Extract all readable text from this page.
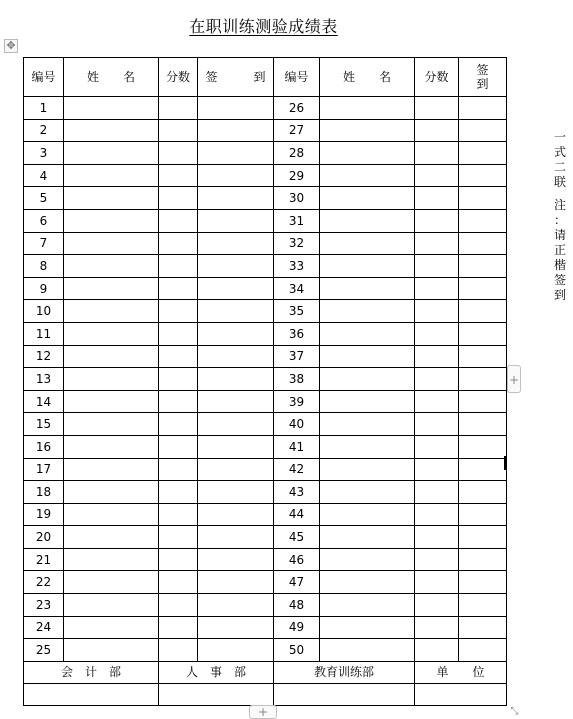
在职训练测验成绩表
✥
编号	姓　　名	分数	签　　　到	编号	姓　　名	分数	签到
1				26			
2				27			
3				28			
4				29			
5				30			
6				31			
7				32			
8				33			
9				34			
10				35			
11				36			
12				37			
13				38			
14				39			
15				40			
16				41			
17				42			
18				43			
19				44			
20				45			
21				46			
22				47			
23				48			
24				49			
25				50			
会　计　部		人　事　部		教育训练部		单　　位	

+
+	⤡
一
式
二
联
注
：
请
正
楷
签
到
